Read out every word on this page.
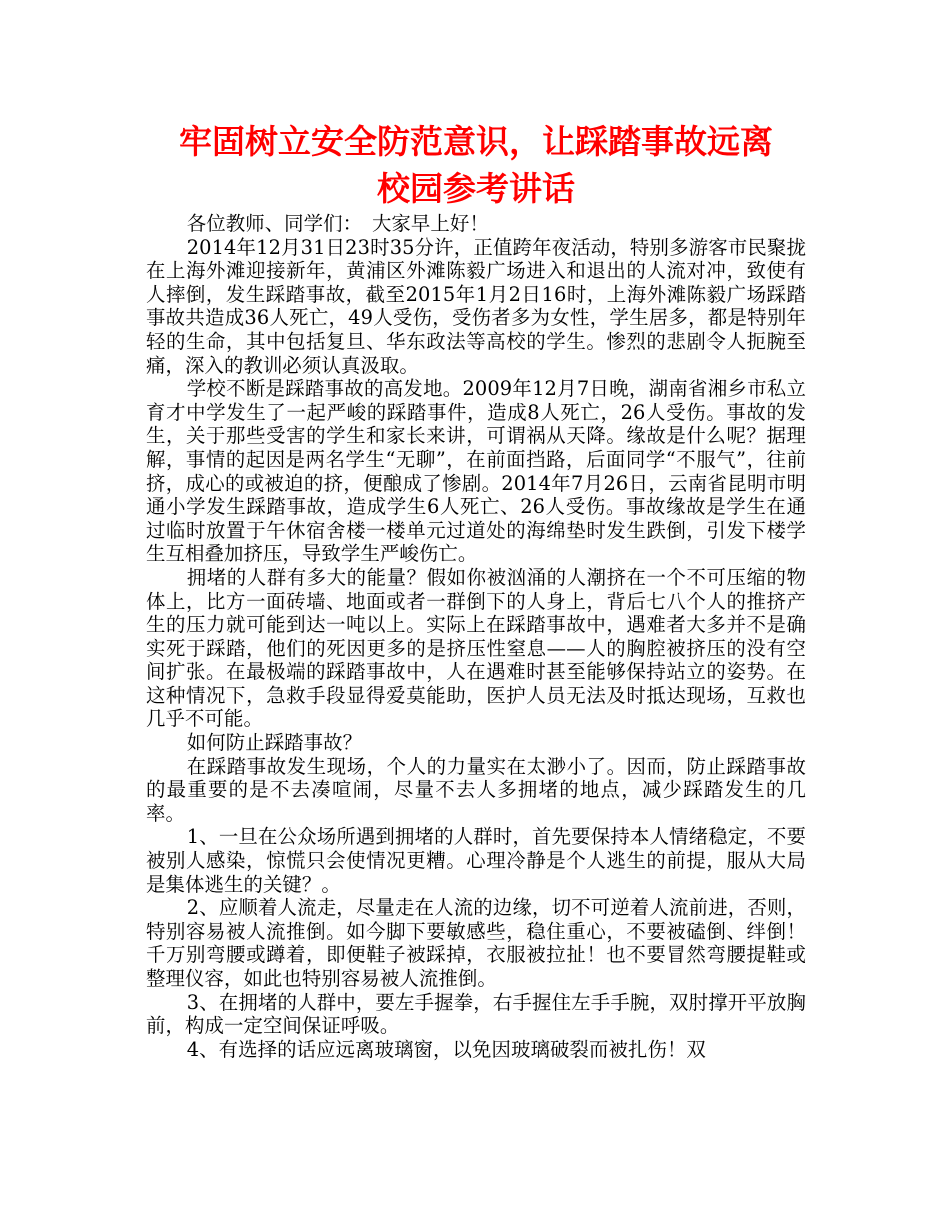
牢固树立安全防范意识，让踩踏事故远离
校园参考讲话

各位教师、同学们：　大家早上好！

2014年12月31日23时35分许，正值跨年夜活动，特别多游客市民聚拢在上海外滩迎接新年，黄浦区外滩陈毅广场进入和退出的人流对冲，致使有人摔倒，发生踩踏事故，截至2015年1月2日16时，上海外滩陈毅广场踩踏事故共造成36人死亡，49人受伤，受伤者多为女性，学生居多，都是特别年轻的生命，其中包括复旦、华东政法等高校的学生。惨烈的悲剧令人扼腕至痛，深入的教训必须认真汲取。

学校不断是踩踏事故的高发地。2009年12月7日晚，湖南省湘乡市私立育才中学发生了一起严峻的踩踏事件，造成8人死亡，26人受伤。事故的发生，关于那些受害的学生和家长来讲，可谓祸从天降。缘故是什么呢？据理解，事情的起因是两名学生“无聊”，在前面挡路，后面同学“不服气”，往前挤，成心的或被迫的挤，便酿成了惨剧。2014年7月26日，云南省昆明市明通小学发生踩踏事故，造成学生6人死亡、26人受伤。事故缘故是学生在通过临时放置于午休宿舍楼一楼单元过道处的海绵垫时发生跌倒，引发下楼学生互相叠加挤压，导致学生严峻伤亡。

拥堵的人群有多大的能量？假如你被汹涌的人潮挤在一个不可压缩的物体上，比方一面砖墙、地面或者一群倒下的人身上，背后七八个人的推挤产生的压力就可能到达一吨以上。实际上在踩踏事故中，遇难者大多并不是确实死于踩踏，他们的死因更多的是挤压性窒息——人的胸腔被挤压的没有空间扩张。在最极端的踩踏事故中，人在遇难时甚至能够保持站立的姿势。在这种情况下，急救手段显得爱莫能助，医护人员无法及时抵达现场，互救也几乎不可能。

如何防止踩踏事故？

在踩踏事故发生现场，个人的力量实在太渺小了。因而，防止踩踏事故的最重要的是不去凑喧闹，尽量不去人多拥堵的地点，减少踩踏发生的几率。

1、一旦在公众场所遇到拥堵的人群时，首先要保持本人情绪稳定，不要被别人感染，惊慌只会使情况更糟。心理冷静是个人逃生的前提，服从大局是集体逃生的关键？。

2、应顺着人流走，尽量走在人流的边缘，切不可逆着人流前进，否则，特别容易被人流推倒。如今脚下要敏感些，稳住重心，不要被磕倒、绊倒！千万别弯腰或蹲着，即便鞋子被踩掉，衣服被拉扯！也不要冒然弯腰提鞋或整理仪容，如此也特别容易被人流推倒。

3、在拥堵的人群中，要左手握拳，右手握住左手手腕，双肘撑开平放胸前，构成一定空间保证呼吸。

4、有选择的话应远离玻璃窗，以免因玻璃破裂而被扎伤！双
